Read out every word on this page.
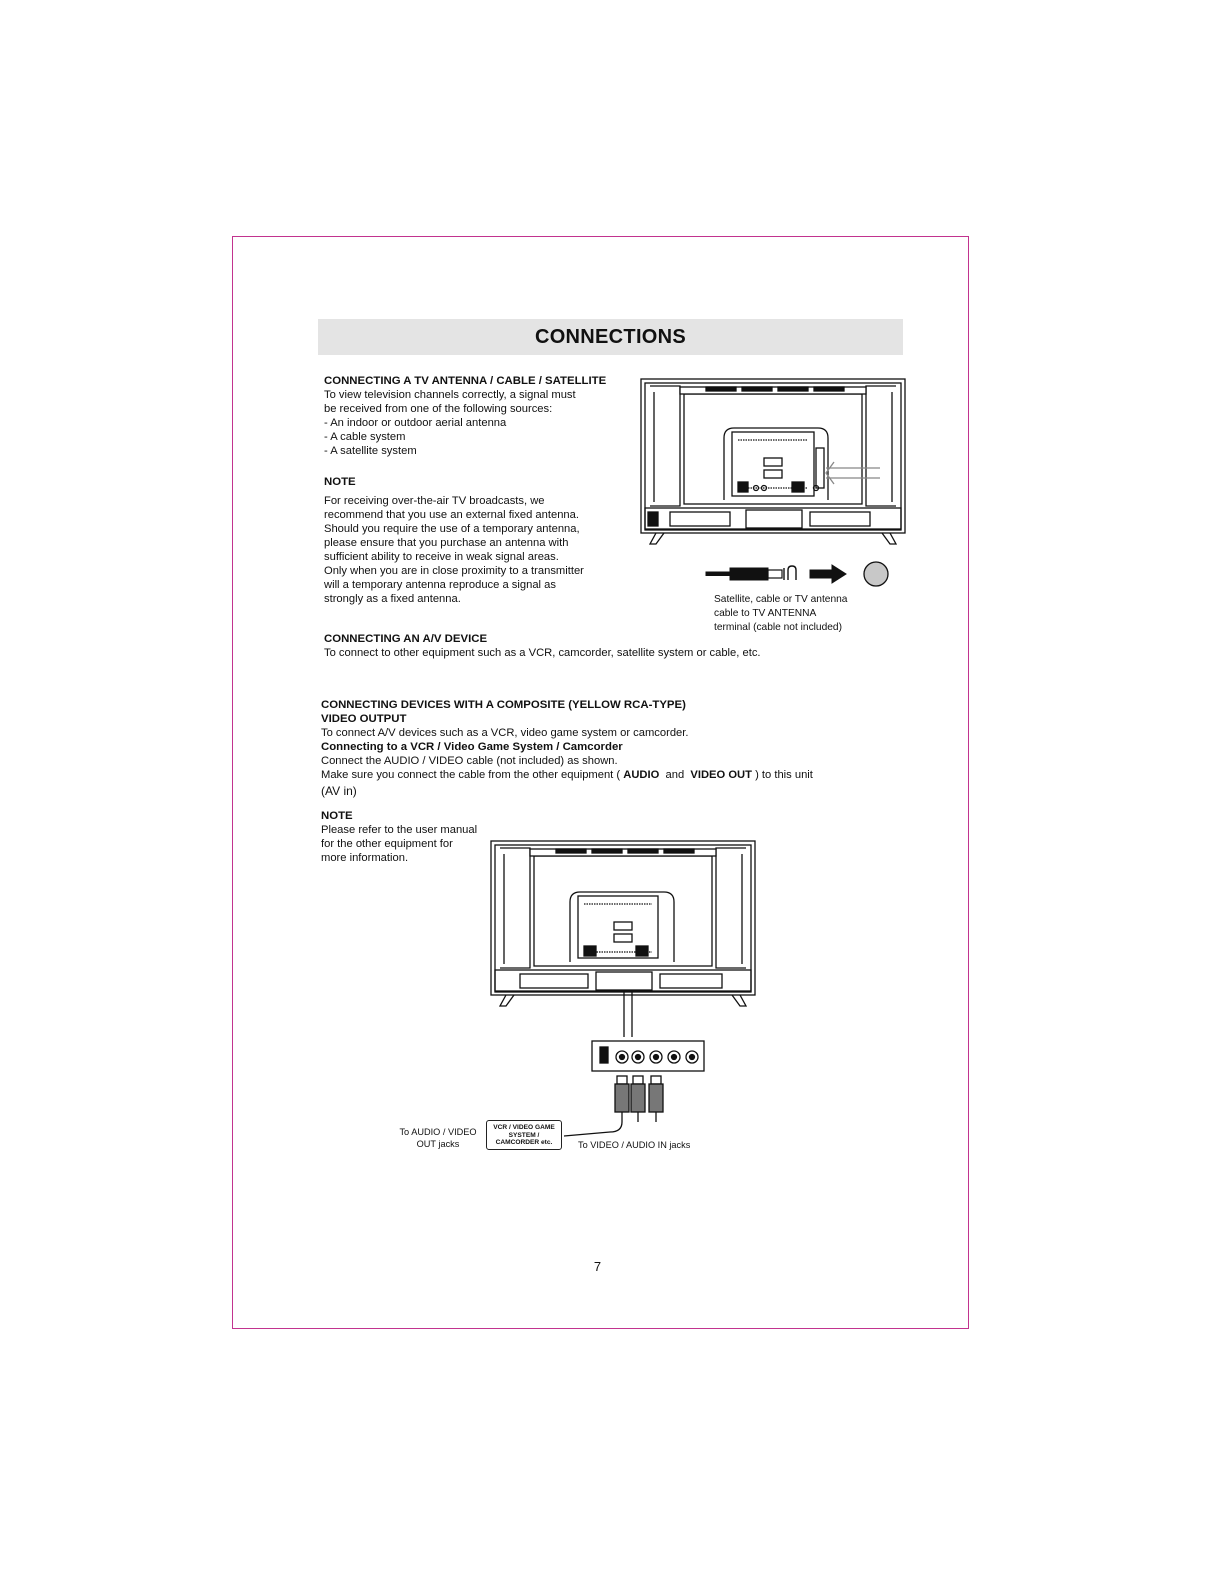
CONNECTIONS
CONNECTING A TV ANTENNA / CABLE / SATELLITE
To view television channels correctly, a signal must
be received from one of the following sources:
- An indoor or outdoor aerial antenna
- A cable system
- A satellite system
NOTE
For receiving over-the-air TV broadcasts, we
recommend that you use an external fixed antenna.
Should you require the use of a temporary antenna,
please ensure that you purchase an antenna with
sufficient ability to receive in weak signal areas.
Only when you are in close proximity to a transmitter
will a temporary antenna reproduce a signal as
strongly as a fixed antenna.	Satellite, cable or TV antenna
cable to TV ANTENNA
terminal (cable not included)
CONNECTING AN A/V DEVICE
To connect to other equipment such as a VCR, camcorder, satellite system or cable, etc.
CONNECTING DEVICES WITH A COMPOSITE (YELLOW RCA-TYPE)
VIDEO OUTPUT
To connect A/V devices such as a VCR, video game system or camcorder.
Connecting to a VCR / Video Game System / Camcorder
Connect the AUDIO / VIDEO cable (not included) as shown.
Make sure you connect the cable from the other equipment ( AUDIO and VIDEO OUT ) to this unit
(AV in)
NOTE
Please refer to the user manual
for the other equipment for
more information.
To AUDIO / VIDEO
OUT jacks
VCR / VIDEO GAME
SYSTEM /
CAMCORDER etc.	To VIDEO / AUDIO IN jacks
7
